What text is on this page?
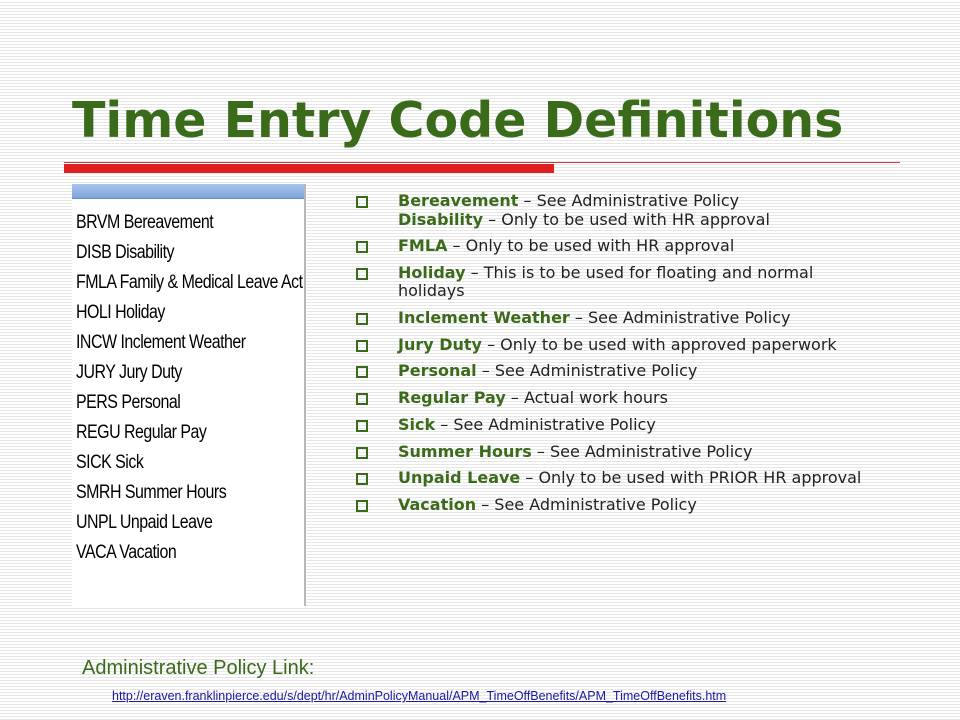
Time Entry Code Definitions
BRVM Bereavement
DISB Disability
FMLA Family & Medical Leave Act
HOLI Holiday
INCW Inclement Weather
JURY Jury Duty
PERS Personal
REGU Regular Pay
SICK Sick
SMRH Summer Hours
UNPL Unpaid Leave
VACA Vacation
Bereavement – See Administrative Policy
Disability – Only to be used with HR approval
FMLA – Only to be used with HR approval
Holiday – This is to be used for floating and normal holidays
Inclement Weather – See Administrative Policy
Jury Duty – Only to be used with approved paperwork
Personal – See Administrative Policy
Regular Pay – Actual work hours
Sick – See Administrative Policy
Summer Hours – See Administrative Policy
Unpaid Leave – Only to be used with PRIOR HR approval
Vacation – See Administrative Policy
Administrative Policy Link:
http://eraven.franklinpierce.edu/s/dept/hr/AdminPolicyManual/APM_TimeOffBenefits/APM_TimeOffBenefits.htm
